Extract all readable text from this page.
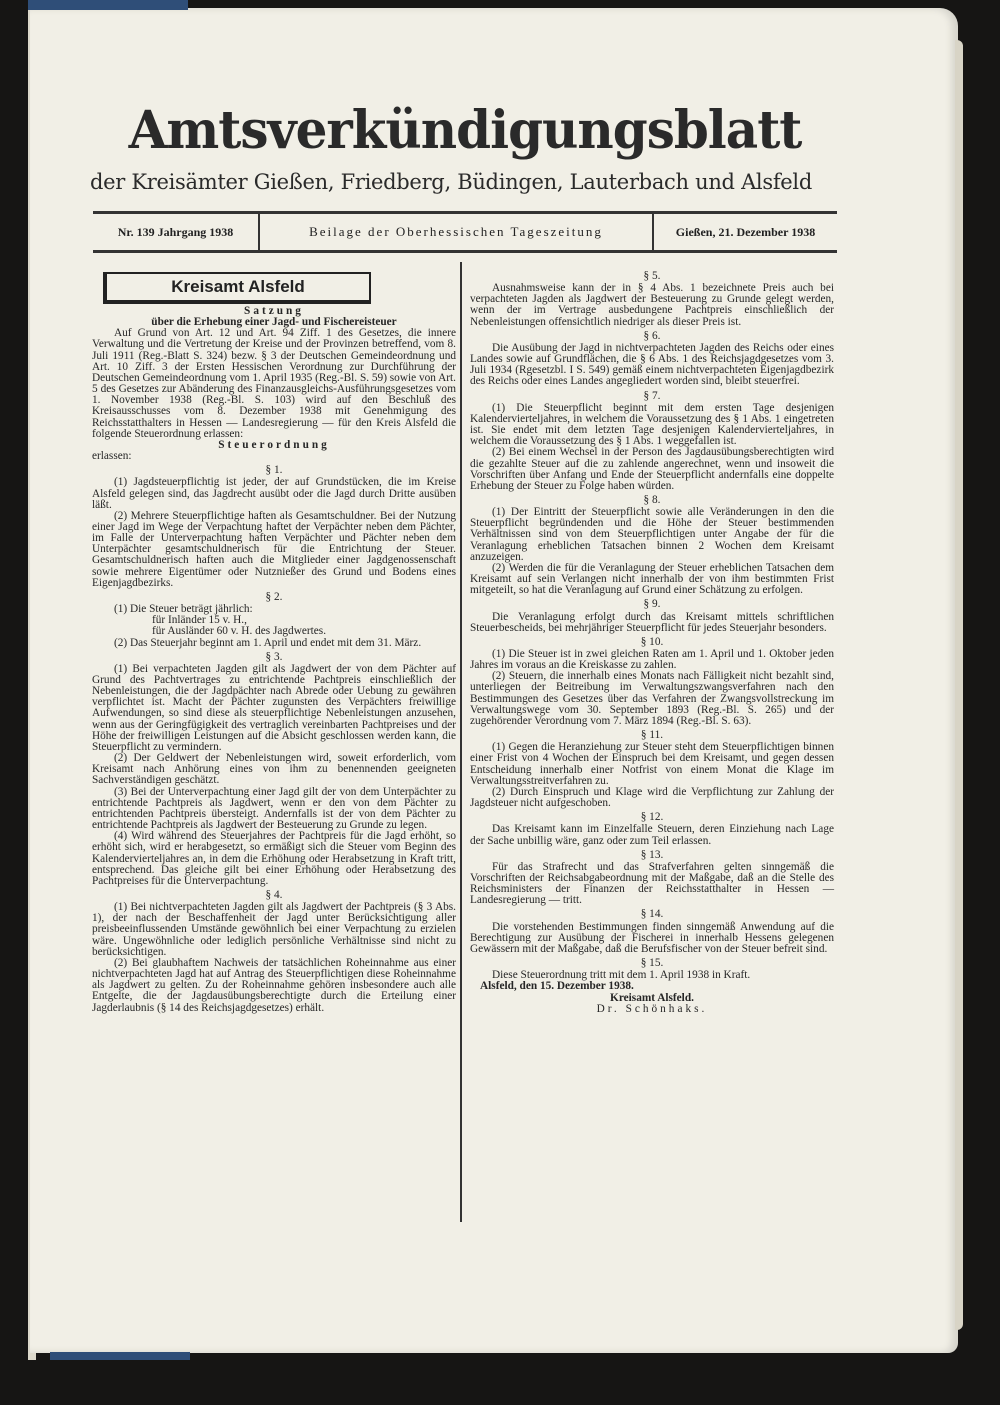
Amtsverkündigungsblatt
der Kreisämter Gießen, Friedberg, Büdingen, Lauterbach und Alsfeld
Nr. 139 Jahrgang 1938	Beilage der Oberhessischen Tageszeitung	Gießen, 21. Dezember 1938
Kreisamt Alsfeld
Satzung
über die Erhebung einer Jagd- und Fischereisteuer
Auf Grund von Art. 12 und Art. 94 Ziff. 1 des Gesetzes, die innere Verwaltung und die Vertretung der Kreise und der Provinzen betreffend, vom 8. Juli 1911 (Reg.-Blatt S. 324) bezw. § 3 der Deutschen Gemeindeordnung und Art. 10 Ziff. 3 der Ersten Hessischen Verordnung zur Durchführung der Deutschen Gemeindeordnung vom 1. April 1935 (Reg.-Bl. S. 59) sowie von Art. 5 des Gesetzes zur Abänderung des Finanzausgleichs-Ausführungsgesetzes vom 1. November 1938 (Reg.-Bl. S. 103) wird auf den Beschluß des Kreisausschusses vom 8. Dezember 1938 mit Genehmigung des Reichsstatthalters in Hessen — Landesregierung — für den Kreis Alsfeld die folgende Steuerordnung erlassen:
Steuerordnung
erlassen:
§ 1.
(1) Jagdsteuerpflichtig ist jeder, der auf Grundstücken, die im Kreise Alsfeld gelegen sind, das Jagdrecht ausübt oder die Jagd durch Dritte ausüben läßt.
(2) Mehrere Steuerpflichtige haften als Gesamtschuldner. Bei der Nutzung einer Jagd im Wege der Verpachtung haftet der Verpächter neben dem Pächter, im Falle der Unterverpachtung haften Verpächter und Pächter neben dem Unterpächter gesamtschuldnerisch für die Entrichtung der Steuer. Gesamtschuldnerisch haften auch die Mitglieder einer Jagdgenossenschaft sowie mehrere Eigentümer oder Nutznießer des Grund und Bodens eines Eigenjagdbezirks.
§ 2.
(1) Die Steuer beträgt jährlich:
für Inländer 15 v. H.,
für Ausländer 60 v. H. des Jagdwertes.
(2) Das Steuerjahr beginnt am 1. April und endet mit dem 31. März.
§ 3.
(1) Bei verpachteten Jagden gilt als Jagdwert der von dem Pächter auf Grund des Pachtvertrages zu entrichtende Pachtpreis einschließlich der Nebenleistungen, die der Jagdpächter nach Abrede oder Uebung zu gewähren verpflichtet ist. Macht der Pächter zugunsten des Verpächters freiwillige Aufwendungen, so sind diese als steuerpflichtige Nebenleistungen anzusehen, wenn aus der Geringfügigkeit des vertraglich vereinbarten Pachtpreises und der Höhe der freiwilligen Leistungen auf die Absicht geschlossen werden kann, die Steuerpflicht zu vermindern.
(2) Der Geldwert der Nebenleistungen wird, soweit erforderlich, vom Kreisamt nach Anhörung eines von ihm zu benennenden geeigneten Sachverständigen geschätzt.
(3) Bei der Unterverpachtung einer Jagd gilt der von dem Unterpächter zu entrichtende Pachtpreis als Jagdwert, wenn er den von dem Pächter zu entrichtenden Pachtpreis übersteigt. Andernfalls ist der von dem Pächter zu entrichtende Pachtpreis als Jagdwert der Besteuerung zu Grunde zu legen.
(4) Wird während des Steuerjahres der Pachtpreis für die Jagd erhöht, so erhöht sich, wird er herabgesetzt, so ermäßigt sich die Steuer vom Beginn des Kalendervierteljahres an, in dem die Erhöhung oder Herabsetzung in Kraft tritt, entsprechend. Das gleiche gilt bei einer Erhöhung oder Herabsetzung des Pachtpreises für die Unterverpachtung.
§ 4.
(1) Bei nichtverpachteten Jagden gilt als Jagdwert der Pachtpreis (§ 3 Abs. 1), der nach der Beschaffenheit der Jagd unter Berücksichtigung aller preisbeeinflussenden Umstände gewöhnlich bei einer Verpachtung zu erzielen wäre. Ungewöhnliche oder lediglich persönliche Verhältnisse sind nicht zu berücksichtigen.
(2) Bei glaubhaftem Nachweis der tatsächlichen Roheinnahme aus einer nichtverpachteten Jagd hat auf Antrag des Steuerpflichtigen diese Roheinnahme als Jagdwert zu gelten. Zu der Roheinnahme gehören insbesondere auch alle Entgelte, die der Jagdausübungsberechtigte durch die Erteilung einer Jagderlaubnis (§ 14 des Reichsjagdgesetzes) erhält.
§ 5.
Ausnahmsweise kann der in § 4 Abs. 1 bezeichnete Preis auch bei verpachteten Jagden als Jagdwert der Besteuerung zu Grunde gelegt werden, wenn der im Vertrage ausbedungene Pachtpreis einschließlich der Nebenleistungen offensichtlich niedriger als dieser Preis ist.
§ 6.
Die Ausübung der Jagd in nichtverpachteten Jagden des Reichs oder eines Landes sowie auf Grundflächen, die § 6 Abs. 1 des Reichsjagdgesetzes vom 3. Juli 1934 (Rgesetzbl. I S. 549) gemäß einem nichtverpachteten Eigenjagdbezirk des Reichs oder eines Landes angegliedert worden sind, bleibt steuerfrei.
§ 7.
(1) Die Steuerpflicht beginnt mit dem ersten Tage desjenigen Kalendervierteljahres, in welchem die Voraussetzung des § 1 Abs. 1 eingetreten ist. Sie endet mit dem letzten Tage desjenigen Kalendervierteljahres, in welchem die Voraussetzung des § 1 Abs. 1 weggefallen ist.
(2) Bei einem Wechsel in der Person des Jagdausübungsberechtigten wird die gezahlte Steuer auf die zu zahlende angerechnet, wenn und insoweit die Vorschriften über Anfang und Ende der Steuerpflicht andernfalls eine doppelte Erhebung der Steuer zu Folge haben würden.
§ 8.
(1) Der Eintritt der Steuerpflicht sowie alle Veränderungen in den die Steuerpflicht begründenden und die Höhe der Steuer bestimmenden Verhältnissen sind von dem Steuerpflichtigen unter Angabe der für die Veranlagung erheblichen Tatsachen binnen 2 Wochen dem Kreisamt anzuzeigen.
(2) Werden die für die Veranlagung der Steuer erheblichen Tatsachen dem Kreisamt auf sein Verlangen nicht innerhalb der von ihm bestimmten Frist mitgeteilt, so hat die Veranlagung auf Grund einer Schätzung zu erfolgen.
§ 9.
Die Veranlagung erfolgt durch das Kreisamt mittels schriftlichen Steuerbescheids, bei mehrjähriger Steuerpflicht für jedes Steuerjahr besonders.
§ 10.
(1) Die Steuer ist in zwei gleichen Raten am 1. April und 1. Oktober jeden Jahres im voraus an die Kreiskasse zu zahlen.
(2) Steuern, die innerhalb eines Monats nach Fälligkeit nicht bezahlt sind, unterliegen der Beitreibung im Verwaltungszwangsverfahren nach den Bestimmungen des Gesetzes über das Verfahren der Zwangsvollstreckung im Verwaltungswege vom 30. September 1893 (Reg.-Bl. S. 265) und der zugehörender Verordnung vom 7. März 1894 (Reg.-Bl. S. 63).
§ 11.
(1) Gegen die Heranziehung zur Steuer steht dem Steuerpflichtigen binnen einer Frist von 4 Wochen der Einspruch bei dem Kreisamt, und gegen dessen Entscheidung innerhalb einer Notfrist von einem Monat die Klage im Verwaltungsstreitverfahren zu.
(2) Durch Einspruch und Klage wird die Verpflichtung zur Zahlung der Jagdsteuer nicht aufgeschoben.
§ 12.
Das Kreisamt kann im Einzelfalle Steuern, deren Einziehung nach Lage der Sache unbillig wäre, ganz oder zum Teil erlassen.
§ 13.
Für das Strafrecht und das Strafverfahren gelten sinngemäß die Vorschriften der Reichsabgabeordnung mit der Maßgabe, daß an die Stelle des Reichsministers der Finanzen der Reichsstatthalter in Hessen — Landesregierung — tritt.
§ 14.
Die vorstehenden Bestimmungen finden sinngemäß Anwendung auf die Berechtigung zur Ausübung der Fischerei in innerhalb Hessens gelegenen Gewässern mit der Maßgabe, daß die Berufsfischer von der Steuer befreit sind.
§ 15.
Diese Steuerordnung tritt mit dem 1. April 1938 in Kraft.
Alsfeld, den 15. Dezember 1938.
Kreisamt Alsfeld.
Dr. Schönhaks.
